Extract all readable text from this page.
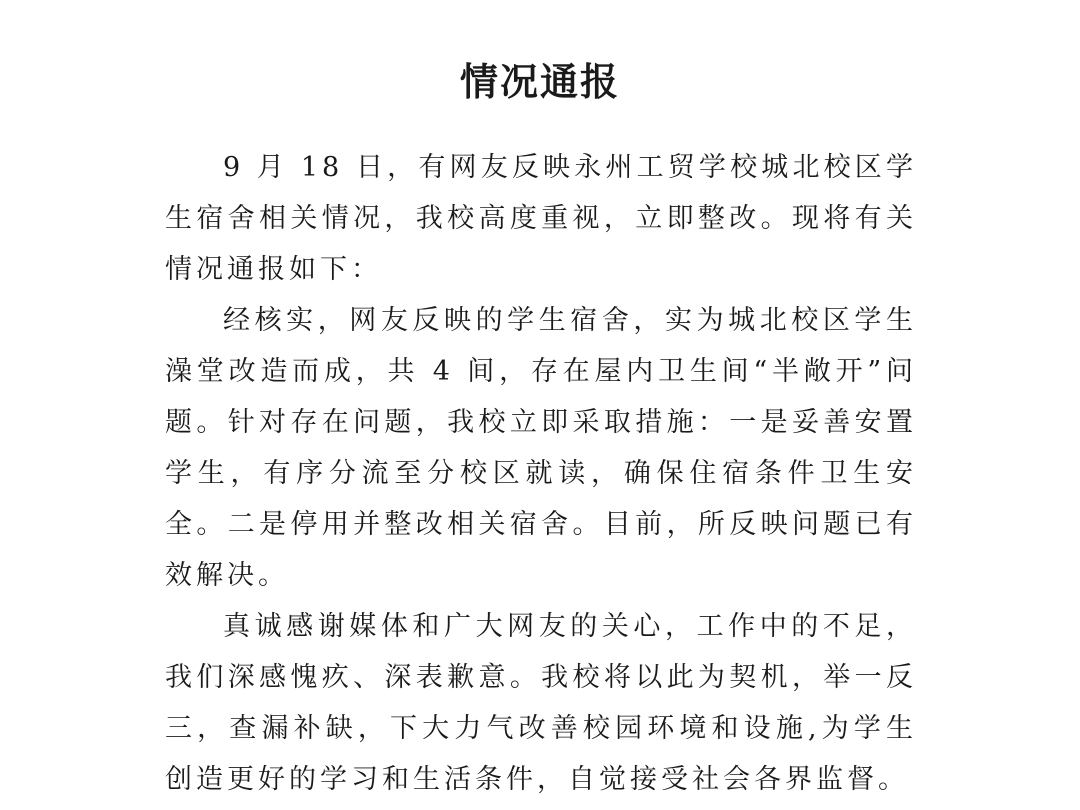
情况通报

9 月 18 日，有网友反映永州工贸学校城北校区学生宿舍相关情况，我校高度重视，立即整改。现将有关情况通报如下：

经核实，网友反映的学生宿舍，实为城北校区学生澡堂改造而成，共 4 间，存在屋内卫生间“半敞开”问题。针对存在问题，我校立即采取措施：一是妥善安置学生，有序分流至分校区就读，确保住宿条件卫生安全。二是停用并整改相关宿舍。目前，所反映问题已有效解决。

真诚感谢媒体和广大网友的关心，工作中的不足，我们深感愧疚、深表歉意。我校将以此为契机，举一反三，查漏补缺，下大力气改善校园环境和设施,为学生创造更好的学习和生活条件，自觉接受社会各界监督。
